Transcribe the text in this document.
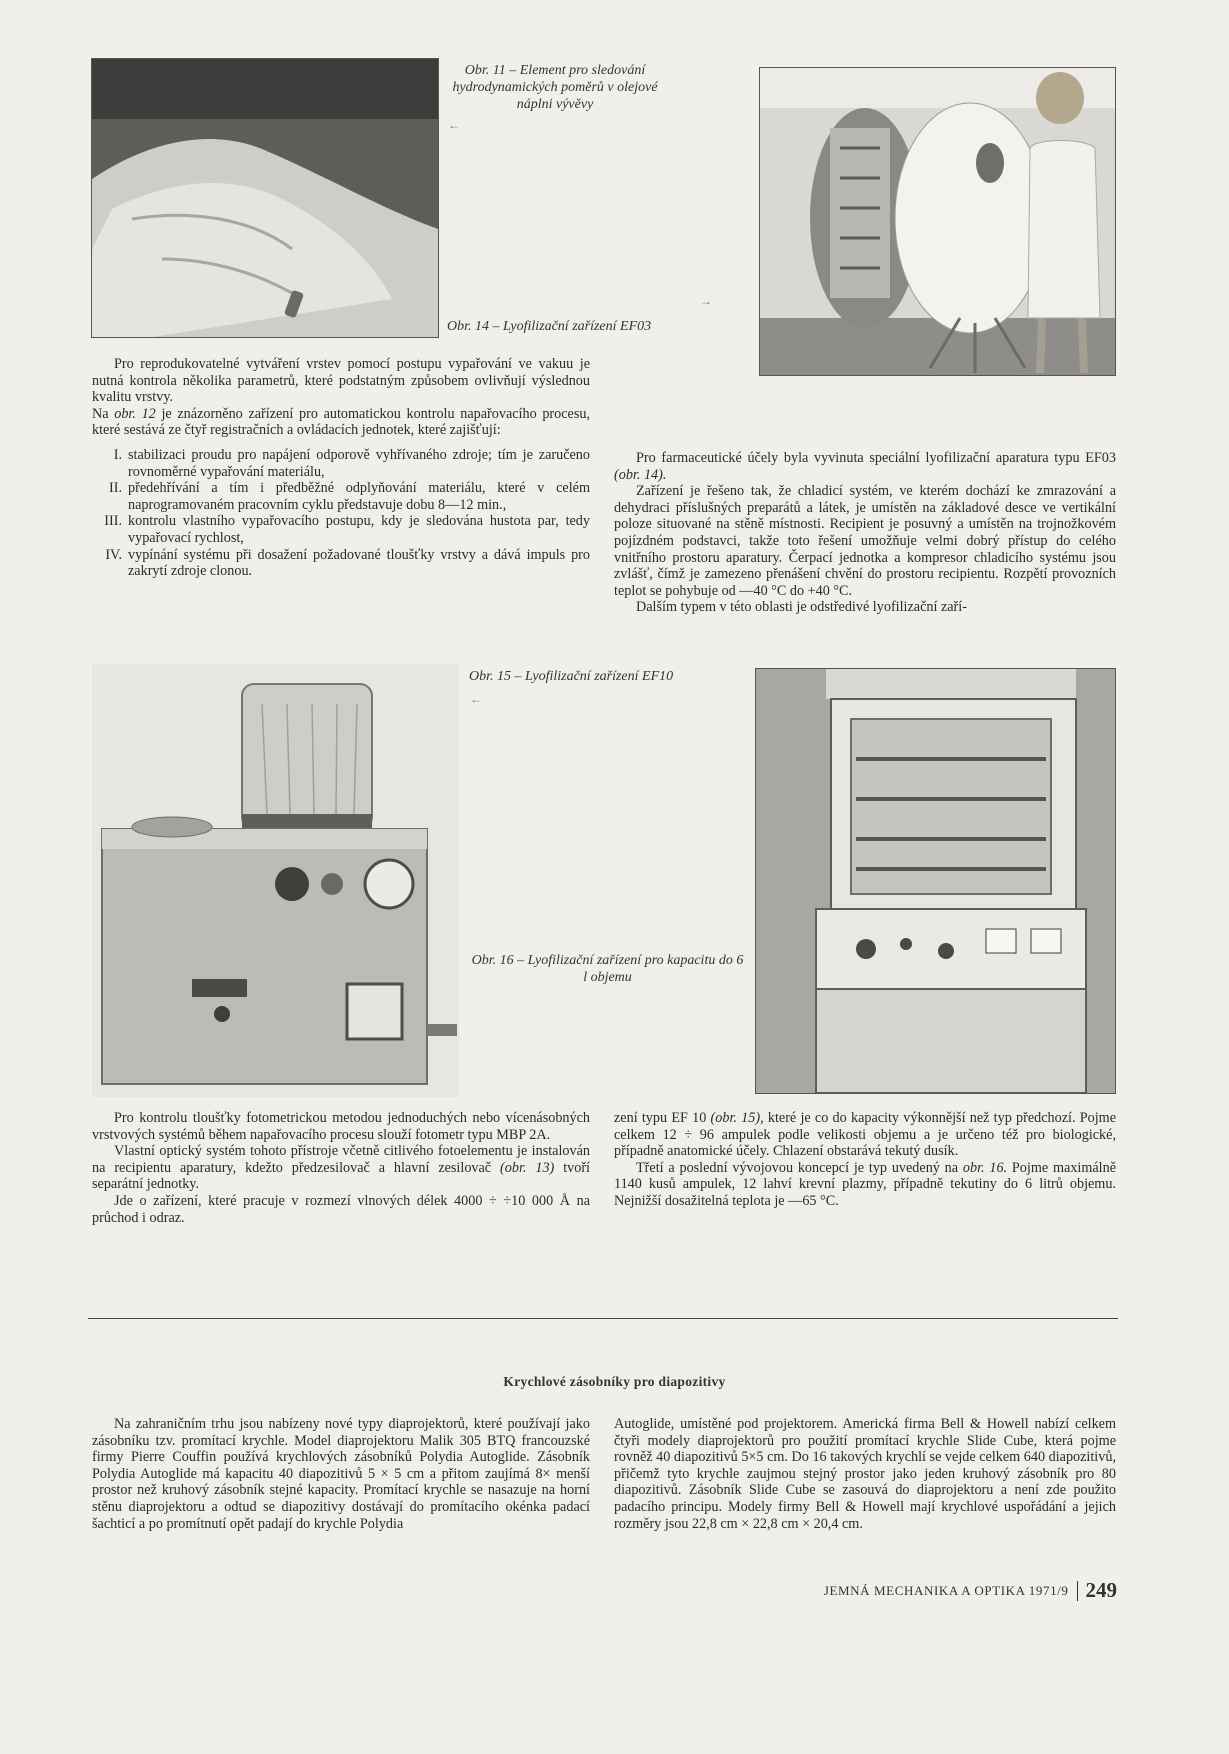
Obr. 11 – Element pro sledování hydrodynamických poměrů v olejové náplni vývěvy
←
Obr. 14 – Lyofilizační zařízení EF03
→
Obr. 15 – Lyofilizační zařízení EF10
←
Obr. 16 – Lyofilizační zařízení pro kapacitu do 6 l objemu

Pro reprodukovatelné vytváření vrstev pomocí postupu vypařování ve vakuu je nutná kontrola několika parametrů, které podstatným způsobem ovlivňují výslednou kvalitu vrstvy.

Na obr. 12 je znázorněno zařízení pro automatickou kontrolu napařovacího procesu, které sestává ze čtyř registračních a ovládacích jednotek, které zajišťují:

I. stabilizaci proudu pro napájení odporově vyhřívaného zdroje; tím je zaručeno rovnoměrné vypařování materiálu,
II. předehřívání a tím i předběžné odplyňování materiálu, které v celém naprogramovaném pracovním cyklu představuje dobu 8—12 min.,
III. kontrolu vlastního vypařovacího postupu, kdy je sledována hustota par, tedy vypařovací rychlost,
IV. vypínání systému při dosažení požadované tloušťky vrstvy a dává impuls pro zakrytí zdroje clonou.

Pro farmaceutické účely byla vyvinuta speciální lyofilizační aparatura typu EF03 (obr. 14).

Zařízení je řešeno tak, že chladicí systém, ve kterém dochází ke zmrazování a dehydraci příslušných preparátů a látek, je umístěn na základové desce ve vertikální poloze situované na stěně místnosti. Recipient je posuvný a umístěn na trojnožkovém pojízdném podstavci, takže toto řešení umožňuje velmi dobrý přístup do celého vnitřního prostoru aparatury. Čerpací jednotka a kompresor chladicího systému jsou zvlášť, čímž je zamezeno přenášení chvění do prostoru recipientu. Rozpětí provozních teplot se pohybuje od —40 °C do +40 °C.

Dalším typem v této oblasti je odstředivé lyofilizační zaří-

Pro kontrolu tloušťky fotometrickou metodou jednoduchých nebo vícenásobných vrstvových systémů během napařovacího procesu slouží fotometr typu MBP 2A.

Vlastní optický systém tohoto přístroje včetně citlivého fotoelementu je instalován na recipientu aparatury, kdežto předzesilovač a hlavní zesilovač (obr. 13) tvoří separátní jednotky.

Jde o zařízení, které pracuje v rozmezí vlnových délek 4000 ÷ ÷10 000 Å na průchod i odraz.

zení typu EF 10 (obr. 15), které je co do kapacity výkonnější než typ předchozí. Pojme celkem 12 ÷ 96 ampulek podle velikosti objemu a je určeno též pro biologické, případně anatomické účely. Chlazení obstarává tekutý dusík.

Třetí a poslední vývojovou koncepcí je typ uvedený na obr. 16. Pojme maximálně 1140 kusů ampulek, 12 lahví krevní plazmy, případně tekutiny do 6 litrů objemu. Nejnižší dosažitelná teplota je —65 °C.

Krychlové zásobníky pro diapozitivy

Na zahraničním trhu jsou nabízeny nové typy diaprojektorů, které používají jako zásobníku tzv. promítací krychle. Model diaprojektoru Malik 305 BTQ francouzské firmy Pierre Couffin používá krychlových zásobníků Polydia Autoglide. Zásobník Polydia Autoglide má kapacitu 40 diapozitivů 5 × 5 cm a přitom zaujímá 8× menší prostor než kruhový zásobník stejné kapacity. Promítací krychle se nasazuje na horní stěnu diaprojektoru a odtud se diapozitivy dostávají do promítacího okénka padací šachticí a po promítnutí opět padají do krychle Polydia

Autoglide, umístěné pod projektorem. Americká firma Bell & Howell nabízí celkem čtyři modely diaprojektorů pro použití promítací krychle Slide Cube, která pojme rovněž 40 diapozitivů 5×5 cm. Do 16 takových krychlí se vejde celkem 640 diapozitivů, přičemž tyto krychle zaujmou stejný prostor jako jeden kruhový zásobník pro 80 diapozitivů. Zásobník Slide Cube se zasouvá do diaprojektoru a není zde použito padacího principu. Modely firmy Bell & Howell mají krychlové uspořádání a jejich rozměry jsou 22,8 cm × 22,8 cm × 20,4 cm.

JEMNÁ MECHANIKA A OPTIKA 1971/9 249
